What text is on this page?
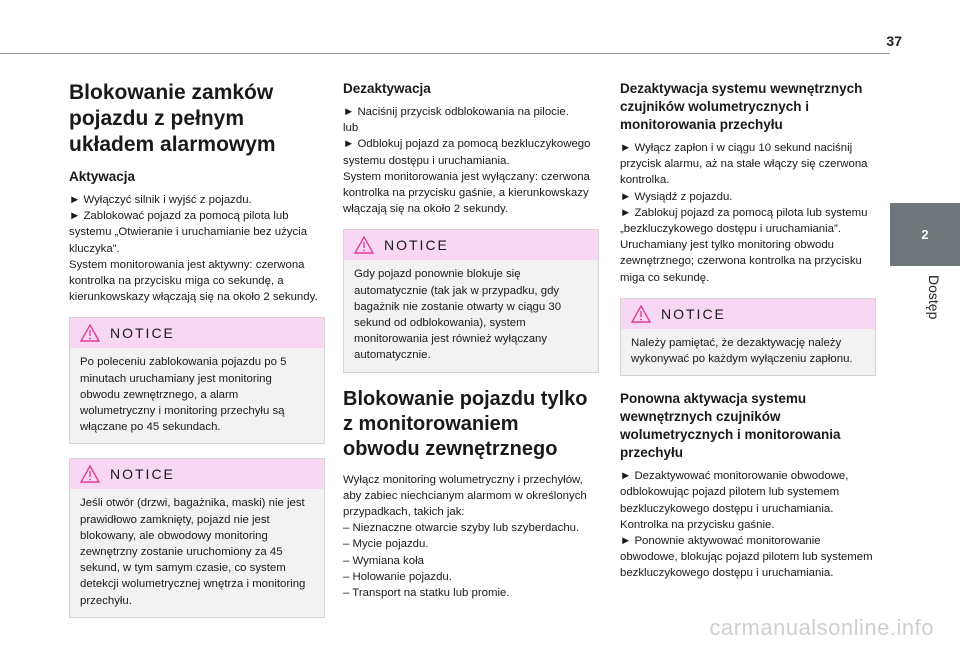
37
2
Dostęp
Blokowanie zamków pojazdu z pełnym układem alarmowym
Aktywacja

► Wyłączyć silnik i wyjść z pojazdu.
► Zablokować pojazd za pomocą pilota lub systemu „Otwieranie i uruchamianie bez użycia kluczyka”.
System monitorowania jest aktywny: czerwona kontrolka na przycisku miga co sekundę, a kierunkowskazy włączają się na około 2 sekundy.

NOTICE

Po poleceniu zablokowania pojazdu po 5 minutach uruchamiany jest monitoring obwodu zewnętrznego, a alarm wolumetryczny i monitoring przechyłu są włączane po 45 sekundach.

NOTICE

Jeśli otwór (drzwi, bagażnika, maski) nie jest prawidłowo zamknięty, pojazd nie jest blokowany, ale obwodowy monitoring zewnętrzny zostanie uruchomiony za 45 sekund, w tym samym czasie, co system detekcji wolumetrycznej wnętrza i monitoring przechyłu.

Dezaktywacja

► Naciśnij przycisk odblokowania na pilocie.
lub
► Odblokuj pojazd za pomocą bezkluczykowego systemu dostępu i uruchamiania.
System monitorowania jest wyłączany: czerwona kontrolka na przycisku gaśnie, a kierunkowskazy włączają się na około 2 sekundy.

NOTICE

Gdy pojazd ponownie blokuje się automatycznie (tak jak w przypadku, gdy bagażnik nie zostanie otwarty w ciągu 30 sekund od odblokowania), system monitorowania jest również wyłączany automatycznie.

Blokowanie pojazdu tylko z monitorowaniem obwodu zewnętrznego

Wyłącz monitoring wolumetryczny i przechyłów, aby zabiec niechcianym alarmom w określonych przypadkach, takich jak:
– Nieznaczne otwarcie szyby lub szyberdachu.
– Mycie pojazdu.
– Wymiana koła
– Holowanie pojazdu.
– Transport na statku lub promie.

Dezaktywacja systemu wewnętrznych czujników wolumetrycznych i monitorowania przechyłu

► Wyłącz zapłon i w ciągu 10 sekund naciśnij przycisk alarmu, aż na stałe włączy się czerwona kontrolka.
► Wysiądź z pojazdu.
► Zablokuj pojazd za pomocą pilota lub systemu „bezkluczykowego dostępu i uruchamiania”.
Uruchamiany jest tylko monitoring obwodu zewnętrznego; czerwona kontrolka na przycisku miga co sekundę.

NOTICE

Należy pamiętać, że dezaktywację należy wykonywać po każdym wyłączeniu zapłonu.

Ponowna aktywacja systemu wewnętrznych czujników wolumetrycznych i monitorowania przechyłu

► Dezaktywować monitorowanie obwodowe, odblokowując pojazd pilotem lub systemem bezkluczykowego dostępu i uruchamiania.
Kontrolka na przycisku gaśnie.
► Ponownie aktywować monitorowanie obwodowe, blokując pojazd pilotem lub systemem bezkluczykowego dostępu i uruchamiania.

carmanualsonline.info
